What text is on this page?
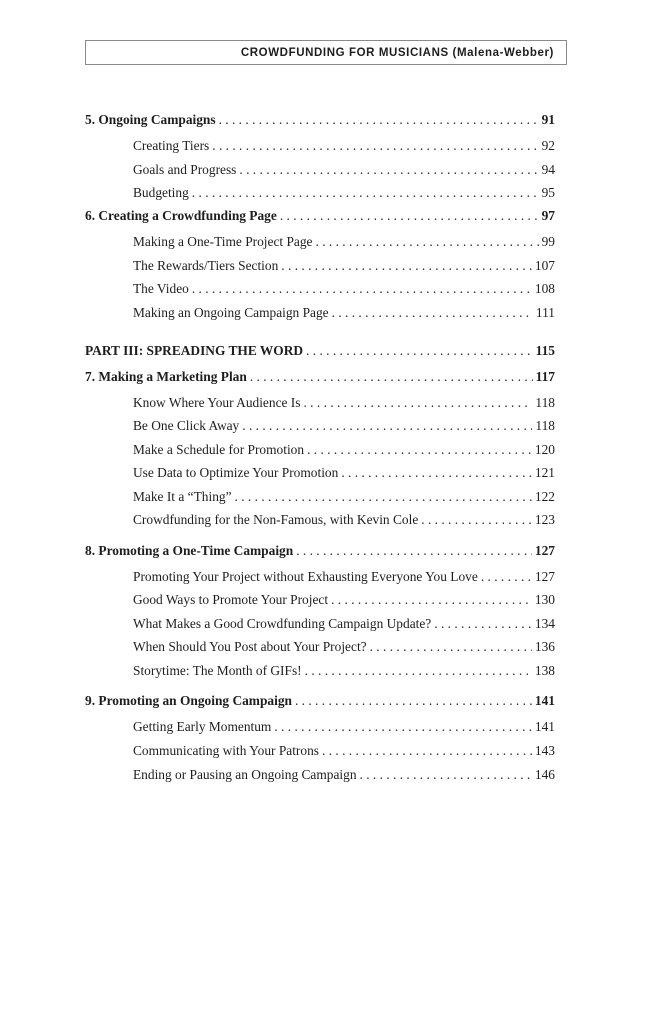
CROWDFUNDING FOR MUSICIANS (Malena-Webber)
5. Ongoing Campaigns . . .	91
Creating Tiers . . .	92
Goals and Progress . . .	94
Budgeting . . .	95
6. Creating a Crowdfunding Page . . .	97
Making a One-Time Project Page . . .	99
The Rewards/Tiers Section . . .	107
The Video . . .	108
Making an Ongoing Campaign Page . . .	111
PART III: SPREADING THE WORD . . .	115
7. Making a Marketing Plan . . .	117
Know Where Your Audience Is . . .	118
Be One Click Away . . .	118
Make a Schedule for Promotion . . .	120
Use Data to Optimize Your Promotion . . .	121
Make It a “Thing” . . .	122
Crowdfunding for the Non-Famous, with Kevin Cole . . .	123
8. Promoting a One-Time Campaign . . .	127
Promoting Your Project without Exhausting Everyone You Love . . .	127
Good Ways to Promote Your Project . . .	130
What Makes a Good Crowdfunding Campaign Update? . . .	134
When Should You Post about Your Project? . . .	136
Storytime: The Month of GIFs! . . .	138
9. Promoting an Ongoing Campaign . . .	141
Getting Early Momentum . . .	141
Communicating with Your Patrons . . .	143
Ending or Pausing an Ongoing Campaign . . .	146
